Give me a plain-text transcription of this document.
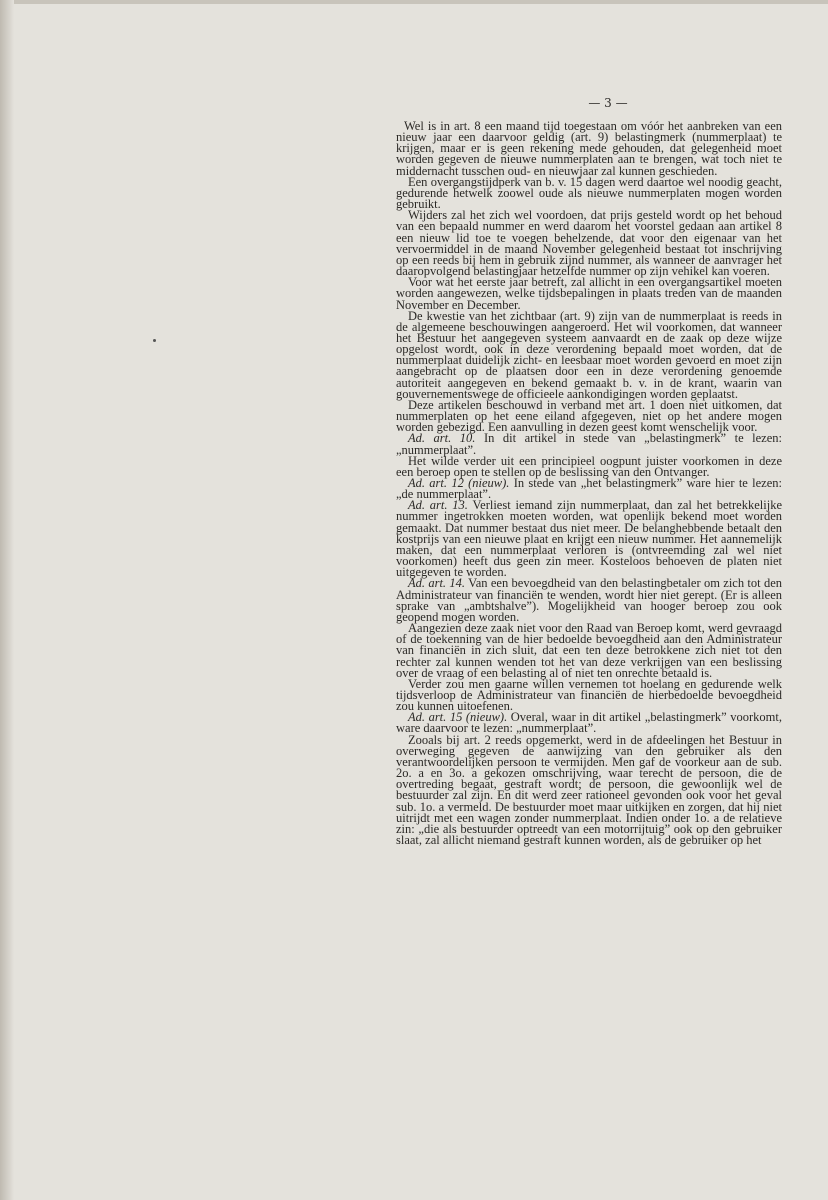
— 3 —

Wel is in art. 8 een maand tijd toegestaan om vóór het aanbreken van een nieuw jaar een daarvoor geldig (art. 9) belastingmerk (nummerplaat) te krijgen, maar er is geen rekening mede gehouden, dat gelegenheid moet worden gegeven de nieuwe nummerplaten aan te brengen, wat toch niet te middernacht tusschen oud- en nieuwjaar zal kunnen geschieden.

Een overgangstijdperk van b. v. 15 dagen werd daartoe wel noodig geacht, gedurende hetwelk zoowel oude als nieuwe nummerplaten mogen worden gebruikt.

Wijders zal het zich wel voordoen, dat prijs gesteld wordt op het behoud van een bepaald nummer en werd daarom het voorstel gedaan aan artikel 8 een nieuw lid toe te voegen behelzende, dat voor den eigenaar van het vervoermiddel in de maand November gelegenheid bestaat tot inschrijving op een reeds bij hem in gebruik zijnd nummer, als wanneer de aanvrager het daaropvolgend belastingjaar hetzelfde nummer op zijn vehikel kan voeren.

Voor wat het eerste jaar betreft, zal allicht in een overgangsartikel moeten worden aangewezen, welke tijdsbepalingen in plaats treden van de maanden November en December.

De kwestie van het zichtbaar (art. 9) zijn van de nummerplaat is reeds in de algemeene beschouwingen aangeroerd. Het wil voorkomen, dat wanneer het Bestuur het aangegeven systeem aanvaardt en de zaak op deze wijze opgelost wordt, ook in deze verordening bepaald moet worden, dat de nummerplaat duidelijk zicht- en leesbaar moet worden gevoerd en moet zijn aangebracht op de plaatsen door een in deze verordening genoemde autoriteit aangegeven en bekend gemaakt b. v. in de krant, waarin van gouvernementswege de officieele aankondigingen worden geplaatst.

Deze artikelen beschouwd in verband met art. 1 doen niet uitkomen, dat nummerplaten op het eene eiland afgegeven, niet op het andere mogen worden gebezigd. Een aanvulling in dezen geest komt wenschelijk voor.

Ad. art. 10. In dit artikel in stede van „belastingmerk” te lezen: „nummerplaat”.

Het wilde verder uit een principieel oogpunt juister voorkomen in deze een beroep open te stellen op de beslissing van den Ontvanger.

Ad. art. 12 (nieuw). In stede van „het belastingmerk” ware hier te lezen: „de nummerplaat”.

Ad. art. 13. Verliest iemand zijn nummerplaat, dan zal het betrekkelijke nummer ingetrokken moeten worden, wat openlijk bekend moet worden gemaakt. Dat nummer bestaat dus niet meer. De belanghebbende betaalt den kostprijs van een nieuwe plaat en krijgt een nieuw nummer. Het aannemelijk maken, dat een nummerplaat verloren is (ontvreemding zal wel niet voorkomen) heeft dus geen zin meer. Kosteloos behoeven de platen niet uitgegeven te worden.

Ad. art. 14. Van een bevoegdheid van den belastingbetaler om zich tot den Administrateur van financiën te wenden, wordt hier niet gerept. (Er is alleen sprake van „ambtshalve”). Mogelijkheid van hooger beroep zou ook geopend mogen worden.

Aangezien deze zaak niet voor den Raad van Beroep komt, werd gevraagd of de toekenning van de hier bedoelde bevoegdheid aan den Administrateur van financiën in zich sluit, dat een ten deze betrokkene zich niet tot den rechter zal kunnen wenden tot het van deze verkrijgen van een beslissing over de vraag of een belasting al of niet ten onrechte betaald is.

Verder zou men gaarne willen vernemen tot hoelang en gedurende welk tijdsverloop de Administrateur van financiën de hierbedoelde bevoegdheid zou kunnen uitoefenen.

Ad. art. 15 (nieuw). Overal, waar in dit artikel „belastingmerk” voorkomt, ware daarvoor te lezen: „nummerplaat”.

Zooals bij art. 2 reeds opgemerkt, werd in de afdeelingen het Bestuur in overweging gegeven de aanwijzing van den gebruiker als den verantwoordelijken persoon te vermijden. Men gaf de voorkeur aan de sub. 2o. a en 3o. a gekozen omschrijving, waar terecht de persoon, die de overtreding begaat, gestraft wordt; de persoon, die gewoonlijk wel de bestuurder zal zijn. En dit werd zeer rationeel gevonden ook voor het geval sub. 1o. a vermeld. De bestuurder moet maar uitkijken en zorgen, dat hij niet uitrijdt met een wagen zonder nummerplaat. Indien onder 1o. a de relatieve zin: „die als bestuurder optreedt van een motorrijtuig” ook op den gebruiker slaat, zal allicht niemand gestraft kunnen worden, als de gebruiker op het
